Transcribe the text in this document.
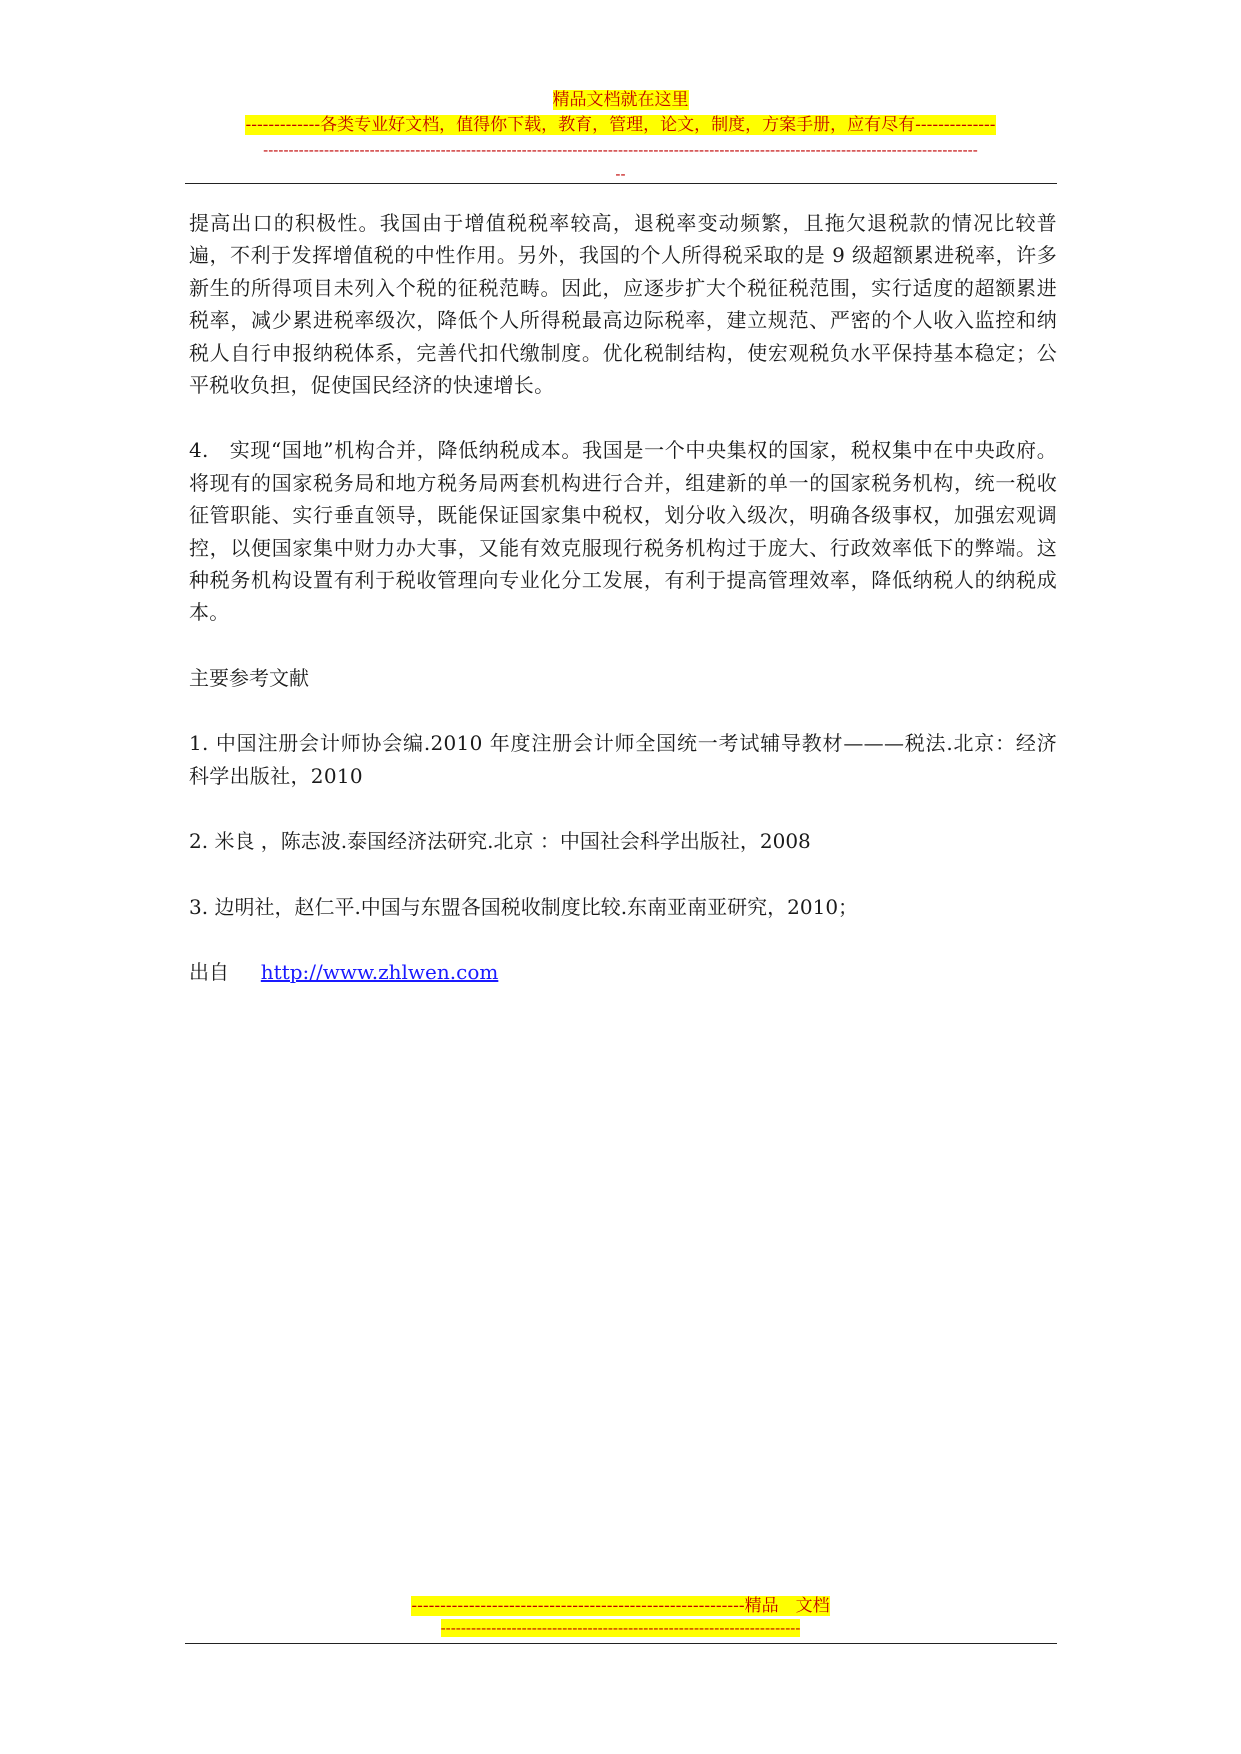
精品文档就在这里
-------------各类专业好文档，值得你下载，教育，管理，论文，制度，方案手册，应有尽有--------------
---------------------------------------------------------------------------------------------------------------------------------------------
--

提高出口的积极性。我国由于增值税税率较高，退税率变动频繁，且拖欠退税款的情况比较普遍，不利于发挥增值税的中性作用。另外，我国的个人所得税采取的是 9 级超额累进税率，许多新生的所得项目未列入个税的征税范畴。因此，应逐步扩大个税征税范围，实行适度的超额累进税率，减少累进税率级次，降低个人所得税最高边际税率，建立规范、严密的个人收入监控和纳税人自行申报纳税体系，完善代扣代缴制度。优化税制结构，使宏观税负水平保持基本稳定；公平税收负担，促使国民经济的快速增长。

4.　实现“国地”机构合并，降低纳税成本。我国是一个中央集权的国家，税权集中在中央政府。将现有的国家税务局和地方税务局两套机构进行合并，组建新的单一的国家税务机构，统一税收征管职能、实行垂直领导，既能保证国家集中税权，划分收入级次，明确各级事权，加强宏观调控，以便国家集中财力办大事，又能有效克服现行税务机构过于庞大、行政效率低下的弊端。这种税务机构设置有利于税收管理向专业化分工发展，有利于提高管理效率，降低纳税人的纳税成本。

主要参考文献

1. 中国注册会计师协会编.2010 年度注册会计师全国统一考试辅导教材———税法.北京：经济科学出版社，2010

2. 米良 ，陈志波.泰国经济法研究.北京 ：中国社会科学出版社，2008

3. 边明社，赵仁平.中国与东盟各国税收制度比较.东南亚南亚研究，2010；

出自 http://www.zhlwen.com

----------------------------------------------------------精品　文档
-----------------------------------------------------------------------
